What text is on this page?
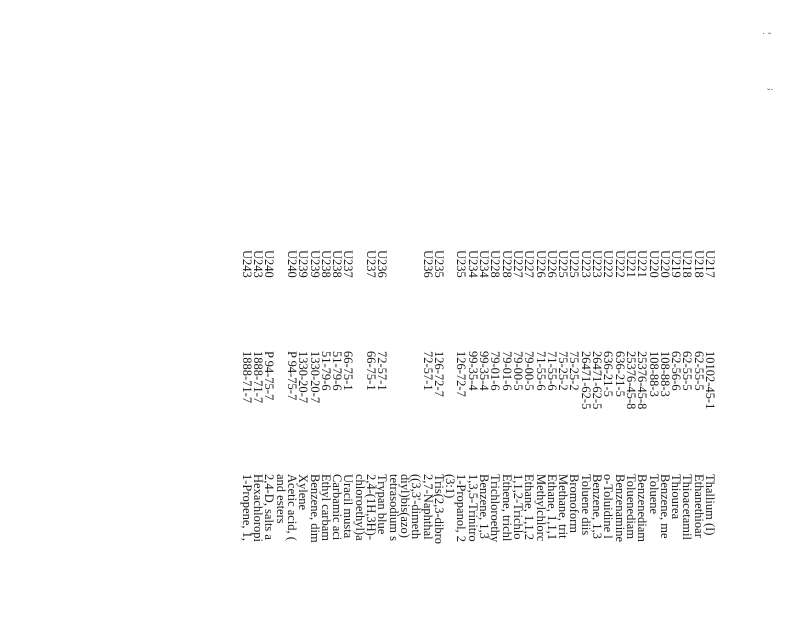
˙ ˇ
ˇ˙
U217
10102-45-1
Thallium (I)
U218
62-55-5
Ethanethioar
U218
62-55-5
Thioacetamil
U219
62-56-6
Thiourea
U220
108-88-3
Benzene, me
U220
108-88-3
Toluene
U221
25376-45-8
Benzenediam
U221
25376-45-8
Toluenediam
U222
636-21-5
Benzenamine
U222
636-21-5
o-Toluidine l
U223
26471-62-5
Benzene, 1,3
U223
26471-62-5
Toluene diis
U225
75-25-2
Bromoform
U225
75-25-2
Methane, trit
U226
71-55-6
Ethane, 1,1,1
U226
71-55-6
Methylchlorc
U227
79-00-5
Ethane, 1,1,2
U227
79-00-5
1,1,2-Trichlo
U228
79-01-6
Ethene, trichl
U228
79-01-6
Trichloroethy
U234
99-35-4
Benzene, 1,3
U234
99-35-4
1,3,5-Trinitro
U235
126-72-7
1-Propanol, 2
(3:1)
U235
126-72-7
Tris(2,3-dibro
U236
72-57-1
2,7-Naphthal
((3,3'-dimeth
diyl)bis(azo)
tetrasodium s
U236
72-57-1
Trypan blue
U237
66-75-1
2,4-(1H,3H)-
chloroethyl)a
U237
66-75-1
Uracil musta
U238
51-79-6
Carbamic aci
U238
51-79-6
Ethyl carbam
U239
1330-20-7
Benzene, dim
U239
1330-20-7
Xylene
U240
P 94-75-7
Acetic acid, (
and esters
U240
P 94-75-7
2,4-D, salts a
U243
1888-71-7
Hexachloropi
U243
1888-71-7
1-Propene, 1,
